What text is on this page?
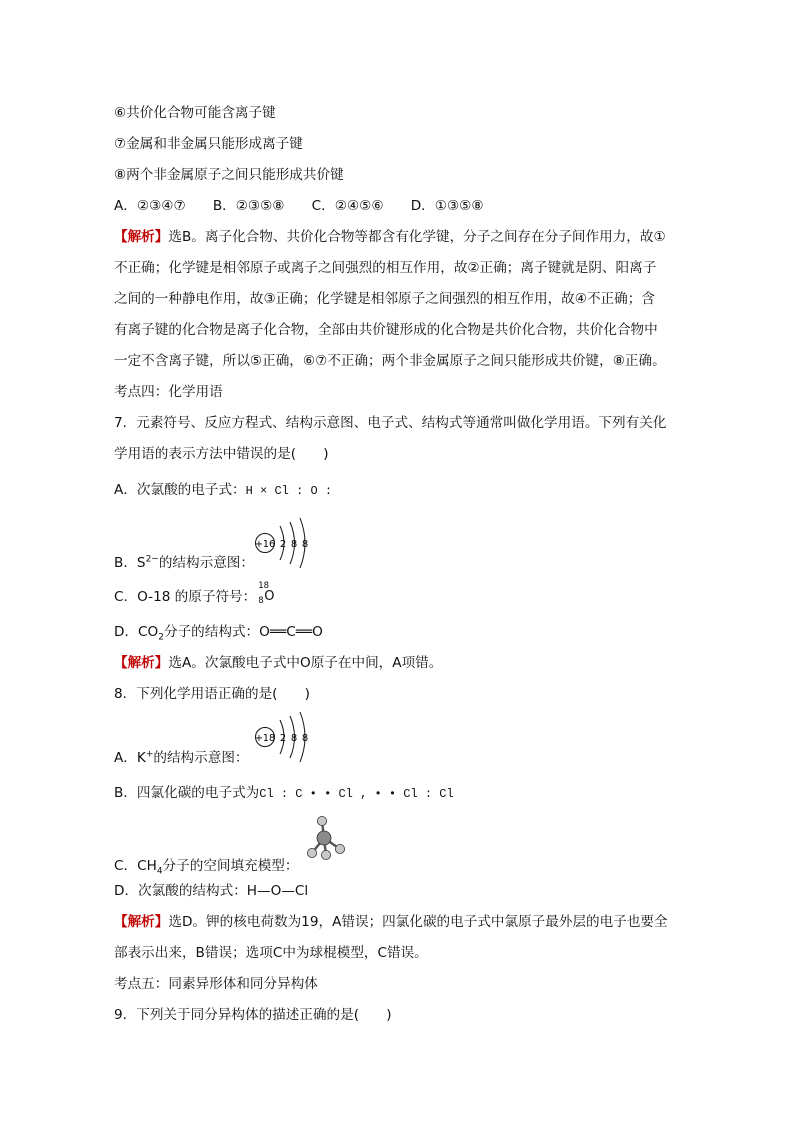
⑥共价化合物可能含离子键
⑦金属和非金属只能形成离子键
⑧两个非金属原子之间只能形成共价键
A．②③④⑦　　B．②③⑤⑧　　C．②④⑤⑥　　D．①③⑤⑧
【解析】选B。离子化合物、共价化合物等都含有化学键，分子之间存在分子间作用力，故①
不正确；化学键是相邻原子或离子之间强烈的相互作用，故②正确；离子键就是阴、阳离子
之间的一种静电作用，故③正确；化学键是相邻原子之间强烈的相互作用，故④不正确；含
有离子键的化合物是离子化合物，全部由共价键形成的化合物是共价化合物，共价化合物中
一定不含离子键，所以⑤正确，⑥⑦不正确；两个非金属原子之间只能形成共价键，⑧正确。
考点四：化学用语
7．元素符号、反应方程式、结构示意图、电子式、结构式等通常叫做化学用语。下列有关化
学用语的表示方法中错误的是(　　)
A．次氯酸的电子式：H × Cl : O :
+16 2 8 8
B．$S^{2-}$的结构示意图：
C．O-18 的原子符号：
18
8 O
D．$CO_2$分子的结构式：O══C══O
【解析】选A。次氯酸电子式中O原子在中间，A项错。
8．下列化学用语正确的是(　　)
+18 2 8 8
A．K+的结构示意图：
B．四氯化碳的电子式为Cl : C • • Cl , • • Cl : Cl
C．$CH_4$分子的空间填充模型：
D．次氯酸的结构式：H—O—Cl
【解析】选D。钾的核电荷数为19，A错误；四氯化碳的电子式中氯原子最外层的电子也要全
部表示出来，B错误；选项C中为球棍模型，C错误。
考点五：同素异形体和同分异构体
9．下列关于同分异构体的描述正确的是(　　)
